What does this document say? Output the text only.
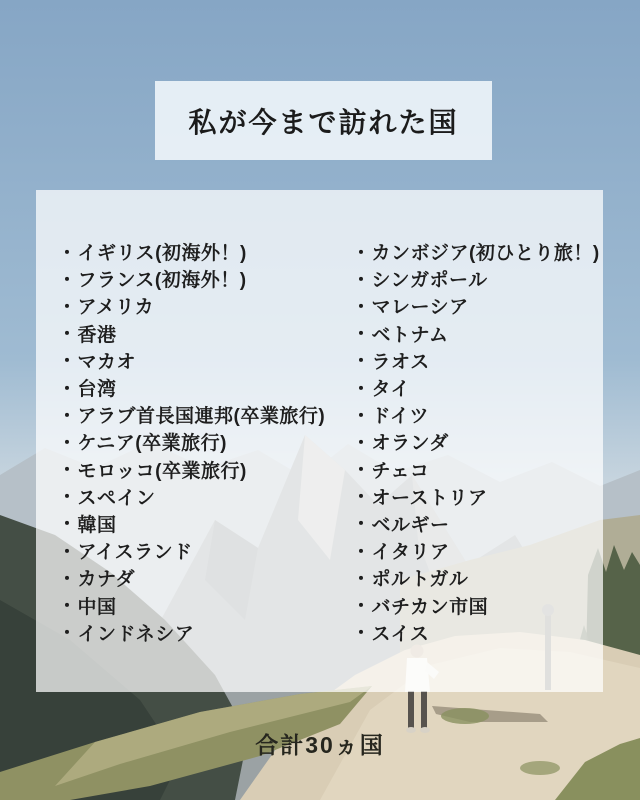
私が今まで訪れた国
・ イギリス(初海外！)
・ フランス(初海外！)
・ アメリカ
・ 香港
・ マカオ
・ 台湾
・ アラブ首長国連邦(卒業旅行)
・ ケニア(卒業旅行)
・ モロッコ(卒業旅行)
・ スペイン
・ 韓国
・ アイスランド
・ カナダ
・ 中国
・ インドネシア
・ カンボジア(初ひとり旅！)
・ シンガポール
・ マレーシア
・ ベトナム
・ ラオス
・ タイ
・ ドイツ
・ オランダ
・ チェコ
・ オーストリア
・ ベルギー
・ イタリア
・ ポルトガル
・ バチカン市国
・ スイス
合計30ヵ国
